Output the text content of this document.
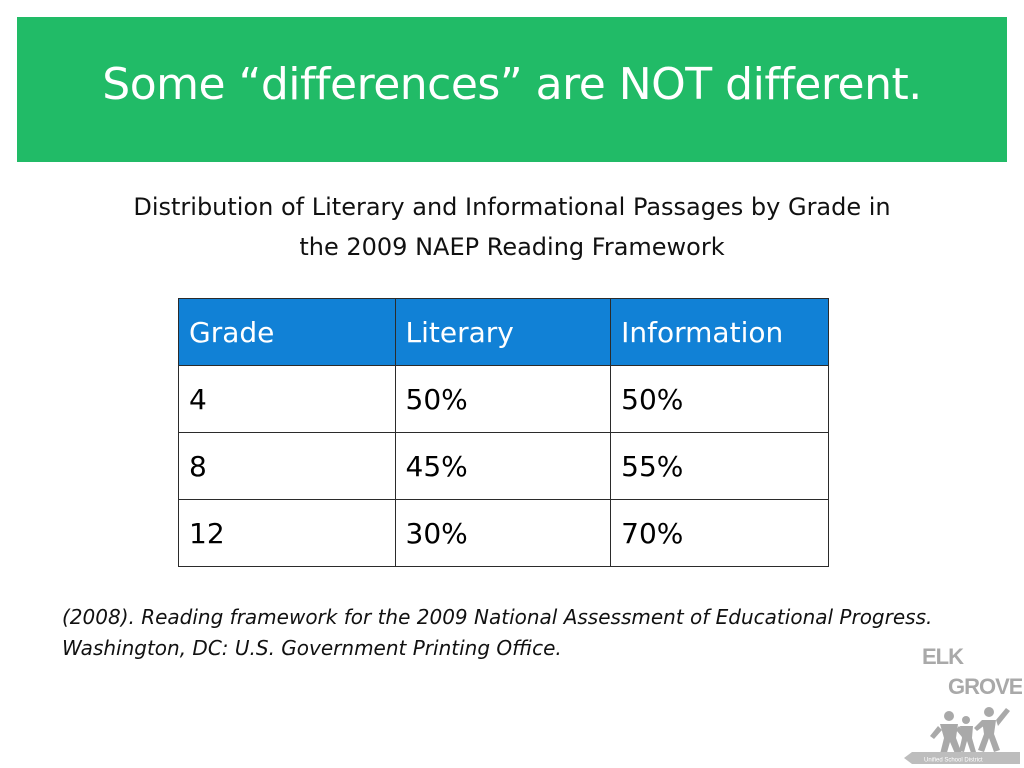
Some “differences” are NOT different.
Distribution of Literary and Informational Passages by Grade in
the 2009 NAEP Reading Framework
Grade	Literary	Information
4	50%	50%
8	45%	55%
12	30%	70%
(2008). Reading framework for the 2009 National Assessment of Educational Progress.
Washington, DC: U.S. Government Printing Office.	ELK
GROVE
Unified School District
